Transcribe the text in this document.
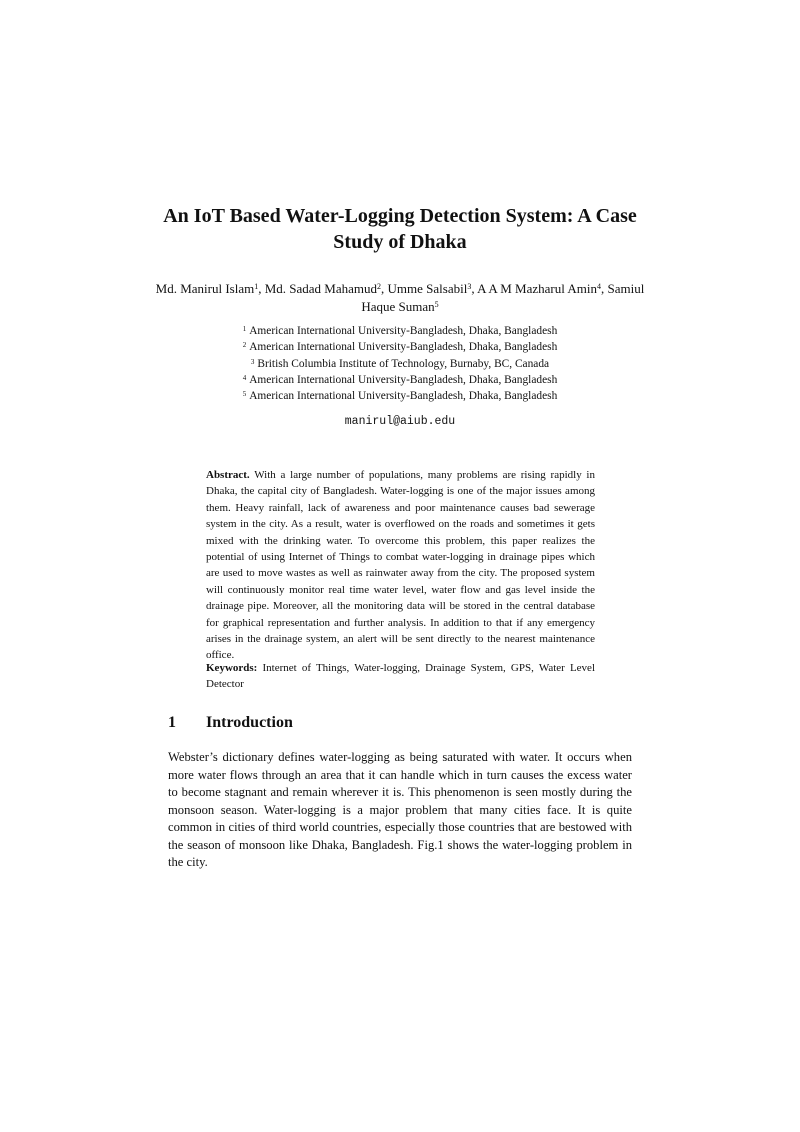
An IoT Based Water-Logging Detection System: A Case Study of Dhaka
Md. Manirul Islam$^1$, Md. Sadad Mahamud$^2$, Umme Salsabil$^3$, A A M Mazharul Amin$^4$, Samiul Haque Suman$^5$
$^1$ American International University-Bangladesh, Dhaka, Bangladesh
$^2$ American International University-Bangladesh, Dhaka, Bangladesh
$^3$ British Columbia Institute of Technology, Burnaby, BC, Canada
$^4$ American International University-Bangladesh, Dhaka, Bangladesh
$^5$ American International University-Bangladesh, Dhaka, Bangladesh
manirul@aiub.edu

Abstract. With a large number of populations, many problems are rising rapidly in Dhaka, the capital city of Bangladesh. Water-logging is one of the major issues among them. Heavy rainfall, lack of awareness and poor maintenance causes bad sewerage system in the city. As a result, water is overflowed on the roads and sometimes it gets mixed with the drinking water. To overcome this problem, this paper realizes the potential of using Internet of Things to combat water-logging in drainage pipes which are used to move wastes as well as rainwater away from the city. The proposed system will continuously monitor real time water level, water flow and gas level inside the drainage pipe. Moreover, all the monitoring data will be stored in the central database for graphical representation and further analysis. In addition to that if any emergency arises in the drainage system, an alert will be sent directly to the nearest maintenance office.

Keywords: Internet of Things, Water-logging, Drainage System, GPS, Water Level Detector

1 Introduction

Webster’s dictionary defines water-logging as being saturated with water. It occurs when more water flows through an area that it can handle which in turn causes the excess water to become stagnant and remain wherever it is. This phenomenon is seen mostly during the monsoon season. Water-logging is a major problem that many cities face. It is quite common in cities of third world countries, especially those countries that are bestowed with the season of monsoon like Dhaka, Bangladesh. Fig.1 shows the water-logging problem in the city.
